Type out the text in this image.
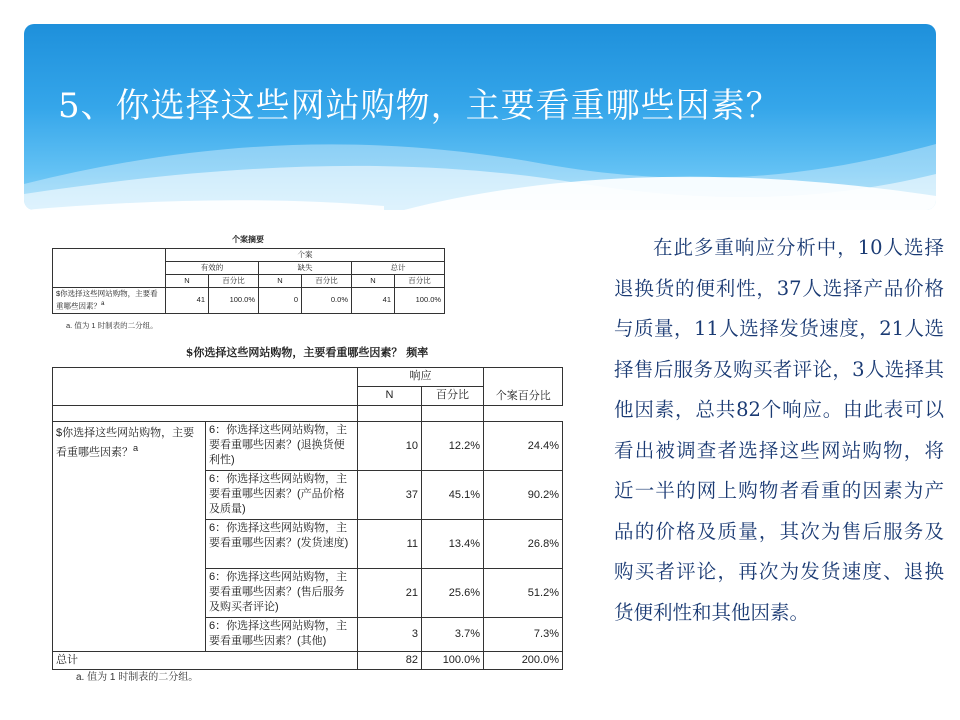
5、你选择这些网站购物，主要看重哪些因素？
个案摘要
	个案					
	有效的		缺失		总计	
	N	百分比	N	百分比	N	百分比
$你选择这些网站购物，主要看重哪些因素？$^a$	41	100.0%	0	0.0%	41	100.0%
a. 值为 1 时制表的二分组。
$你选择这些网站购物，主要看重哪些因素？ 频率
		响应		
		N	百分比	
				个案百分比
$你选择这些网站购物，主要看重哪些因素？$^a$	6：你选择这些网站购物，主要看重哪些因素？(退换货便利性)	10	12.2%	24.4%
	6：你选择这些网站购物，主要看重哪些因素？(产品价格及质量)	37	45.1%	90.2%
	6：你选择这些网站购物，主要看重哪些因素？(发货速度)	11	13.4%	26.8%
	6：你选择这些网站购物，主要看重哪些因素？(售后服务及购买者评论)	21	25.6%	51.2%
	6：你选择这些网站购物，主要看重哪些因素？(其他)	3	3.7%	7.3%
总计		82	100.0%	200.0%
a. 值为 1 时制表的二分组。

在此多重响应分析中，10人选择退换货的便利性，37人选择产品价格与质量，11人选择发货速度，21人选择售后服务及购买者评论，3人选择其他因素，总共82个响应。由此表可以看出被调查者选择这些网站购物，将近一半的网上购物者看重的因素为产品的价格及质量，其次为售后服务及购买者评论，再次为发货速度、退换货便利性和其他因素。
